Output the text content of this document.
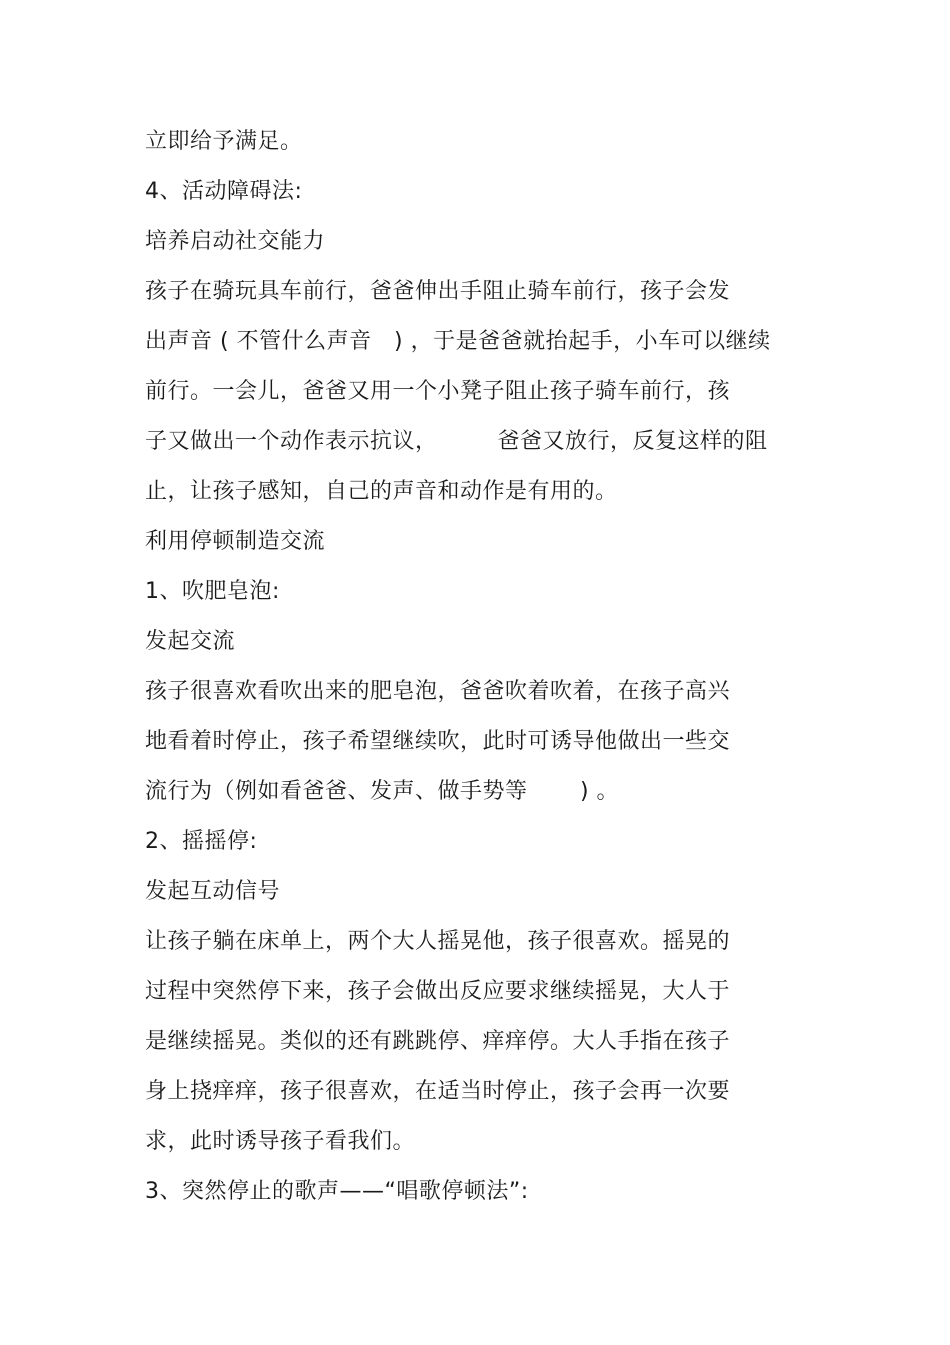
立即给予满足。
4、活动障碍法:
培养启动社交能力
孩子在骑玩具车前行，爸爸伸出手阻止骑车前行，孩子会发
出声音 ( 不管什么声音   ) ，于是爸爸就抬起手，小车可以继续
前行。一会儿，爸爸又用一个小凳子阻止孩子骑车前行，孩
子又做出一个动作表示抗议，        爸爸又放行，反复这样的阻
止，让孩子感知，自己的声音和动作是有用的。
利用停顿制造交流
1、吹肥皂泡:
发起交流
孩子很喜欢看吹出来的肥皂泡，爸爸吹着吹着，在孩子高兴
地看着时停止，孩子希望继续吹，此时可诱导他做出一些交
流行为（例如看爸爸、发声、做手势等       ) 。
2、摇摇停:
发起互动信号
让孩子躺在床单上，两个大人摇晃他，孩子很喜欢。摇晃的
过程中突然停下来，孩子会做出反应要求继续摇晃，大人于
是继续摇晃。类似的还有跳跳停、痒痒停。大人手指在孩子
身上挠痒痒，孩子很喜欢，在适当时停止，孩子会再一次要
求，此时诱导孩子看我们。
3、突然停止的歌声——“唱歌停顿法”:
